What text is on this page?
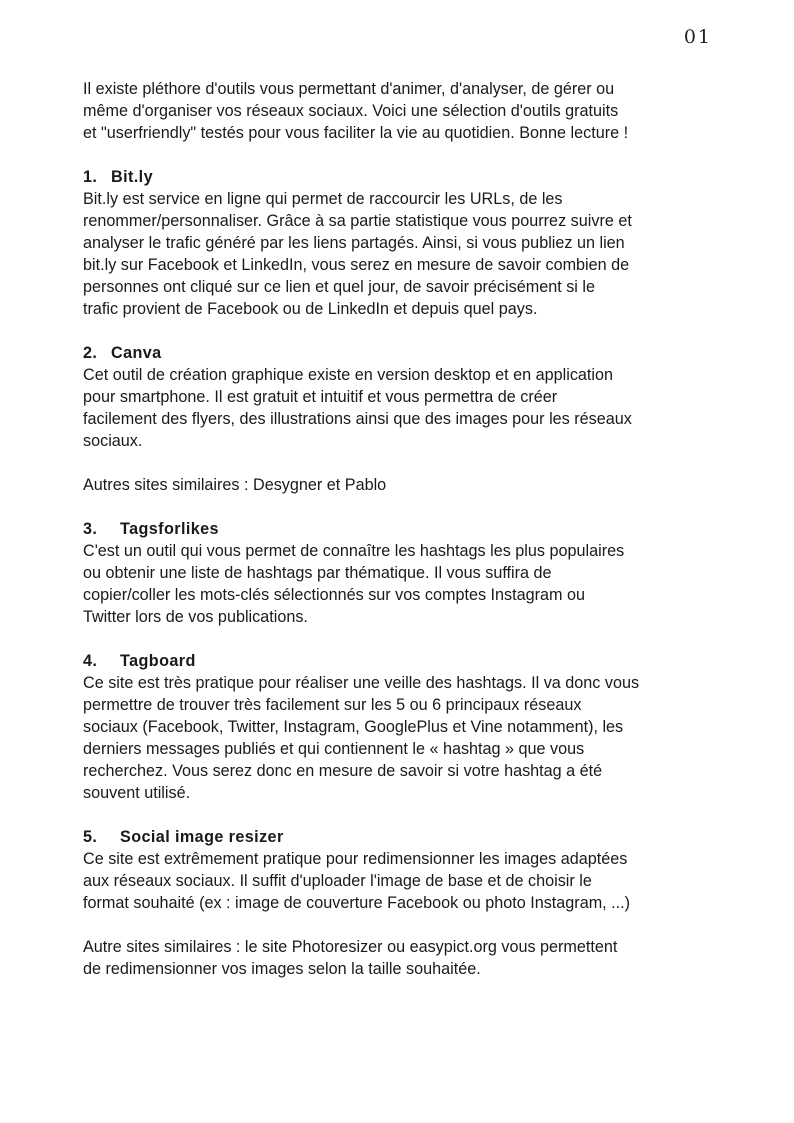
01

Il existe pléthore d'outils vous permettant d'animer, d'analyser, de gérer ou
même d'organiser vos réseaux sociaux. Voici une sélection d'outils gratuits
et "userfriendly" testés pour vous faciliter la vie au quotidien. Bonne lecture !

1. Bit.ly

Bit.ly est service en ligne qui permet de raccourcir les URLs, de les
renommer/personnaliser. Grâce à sa partie statistique vous pourrez suivre et
analyser le trafic généré par les liens partagés. Ainsi, si vous publiez un lien
bit.ly sur Facebook et LinkedIn, vous serez en mesure de savoir combien de
personnes ont cliqué sur ce lien et quel jour, de savoir précisément si le
trafic provient de Facebook ou de LinkedIn et depuis quel pays.

2. Canva

Cet outil de création graphique existe en version desktop et en application
pour smartphone. Il est gratuit et intuitif et vous permettra de créer
facilement des flyers, des illustrations ainsi que des images pour les réseaux
sociaux.

Autres sites similaires : Desygner et Pablo

3. Tagsforlikes

C'est un outil qui vous permet de connaître les hashtags les plus populaires
ou obtenir une liste de hashtags par thématique. Il vous suffira de
copier/coller les mots-clés sélectionnés sur vos comptes Instagram ou
Twitter lors de vos publications.

4. Tagboard

Ce site est très pratique pour réaliser une veille des hashtags. Il va donc vous
permettre de trouver très facilement sur les 5 ou 6 principaux réseaux
sociaux (Facebook, Twitter, Instagram, GooglePlus et Vine notamment), les
derniers messages publiés et qui contiennent le « hashtag » que vous
recherchez. Vous serez donc en mesure de savoir si votre hashtag a été
souvent utilisé.

5. Social image resizer

Ce site est extrêmement pratique pour redimensionner les images adaptées
aux réseaux sociaux. Il suffit d'uploader l'image de base et de choisir le
format souhaité (ex : image de couverture Facebook ou photo Instagram, ...)

Autre sites similaires : le site Photoresizer ou easypict.org vous permettent
de redimensionner vos images selon la taille souhaitée.
